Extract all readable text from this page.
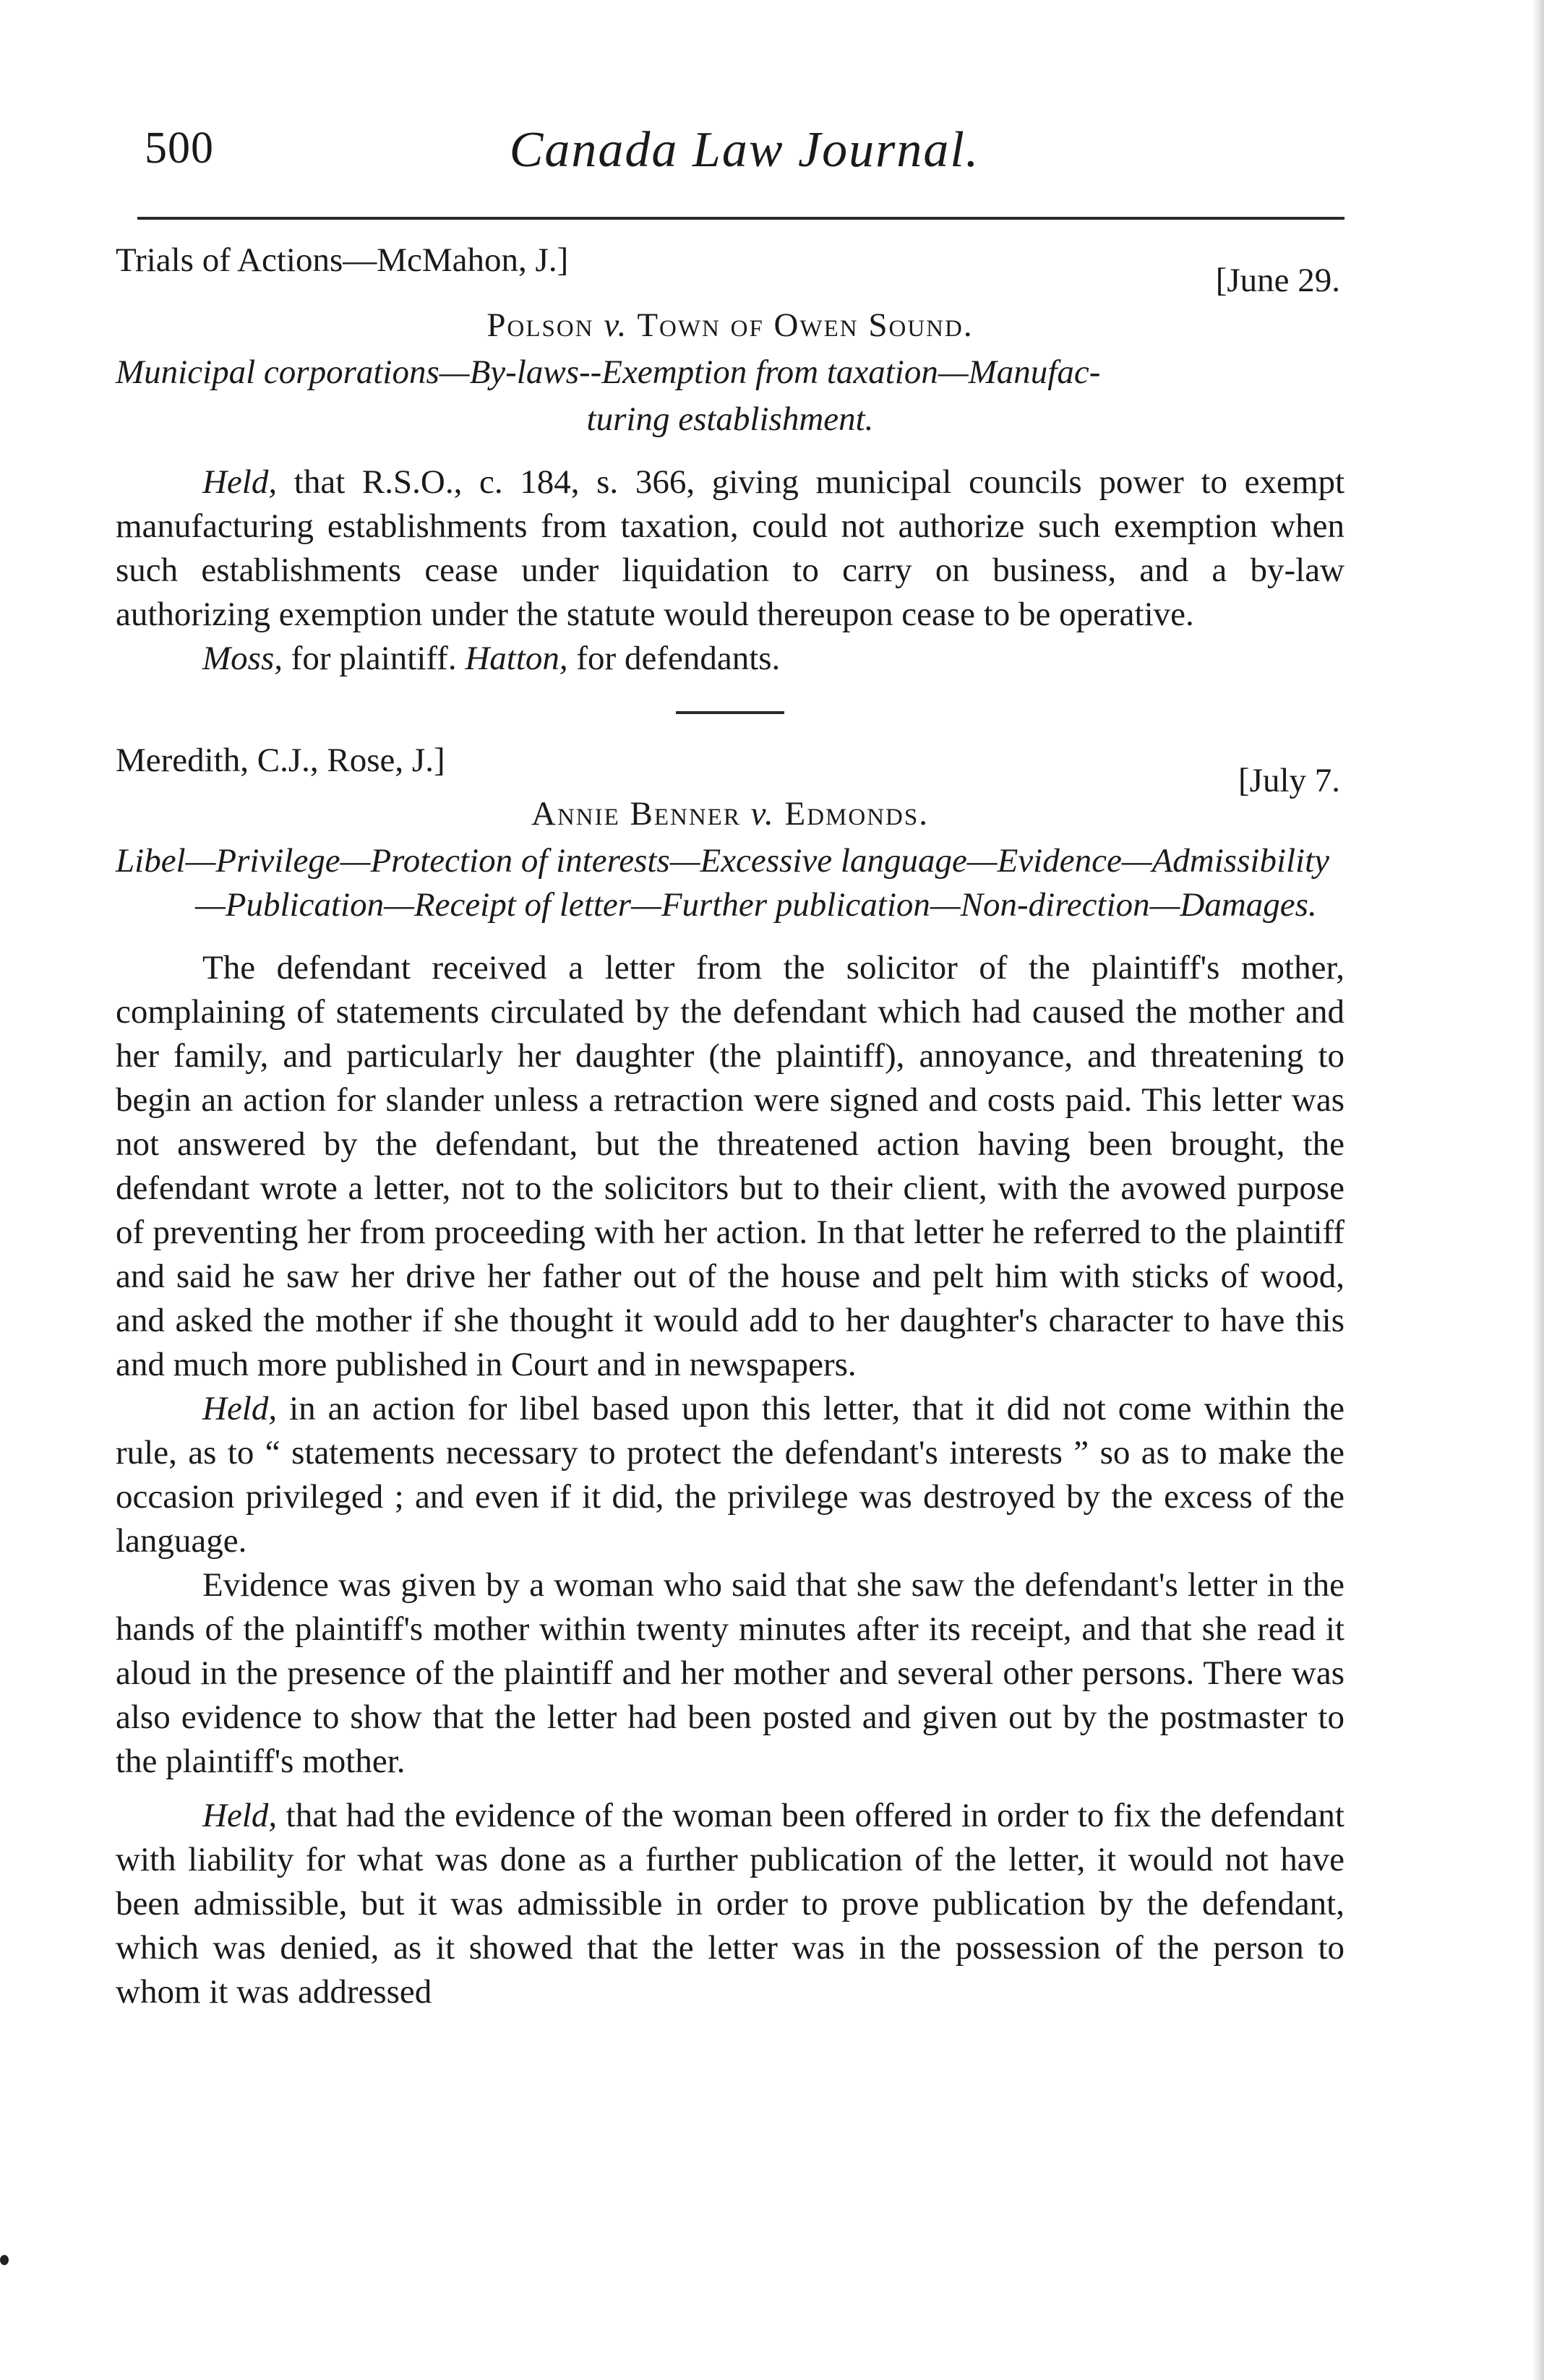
500	Canada Law Journal.
Trials of Actions—McMahon, J.]
[June 29.
Polson v. Town of Owen Sound.
Municipal corporations—By-laws--Exemption from taxation—Manufac-
turing establishment.

Held, that R.S.O., c. 184, s. 366, giving municipal councils power to exempt manufacturing establishments from taxation, could not authorize such exemption when such establishments cease under liquidation to carry on business, and a by-law authorizing exemption under the statute would thereupon cease to be operative.

Moss, for plaintiff. Hatton, for defendants.

Meredith, C.J., Rose, J.]
[July 7.
Annie Benner v. Edmonds.
Libel—Privilege—Protection of interests—Excessive language—Evidence—Admissibility—Publication—Receipt of letter—Further publication—Non-direction—Damages.

The defendant received a letter from the solicitor of the plaintiff's mother, complaining of statements circulated by the defendant which had caused the mother and her family, and particularly her daughter (the plaintiff), annoyance, and threatening to begin an action for slander unless a retraction were signed and costs paid. This letter was not answered by the defendant, but the threatened action having been brought, the defendant wrote a letter, not to the solicitors but to their client, with the avowed purpose of preventing her from proceeding with her action. In that letter he referred to the plaintiff and said he saw her drive her father out of the house and pelt him with sticks of wood, and asked the mother if she thought it would add to her daughter's character to have this and much more published in Court and in newspapers.

Held, in an action for libel based upon this letter, that it did not come within the rule, as to “ statements necessary to protect the defendant's interests ” so as to make the occasion privileged ; and even if it did, the privilege was destroyed by the excess of the language.

Evidence was given by a woman who said that she saw the defendant's letter in the hands of the plaintiff's mother within twenty minutes after its receipt, and that she read it aloud in the presence of the plaintiff and her mother and several other persons. There was also evidence to show that the letter had been posted and given out by the postmaster to the plaintiff's mother.

Held, that had the evidence of the woman been offered in order to fix the defendant with liability for what was done as a further publication of the letter, it would not have been admissible, but it was admissible in order to prove publication by the defendant, which was denied, as it showed that the letter was in the possession of the person to whom it was addressed
